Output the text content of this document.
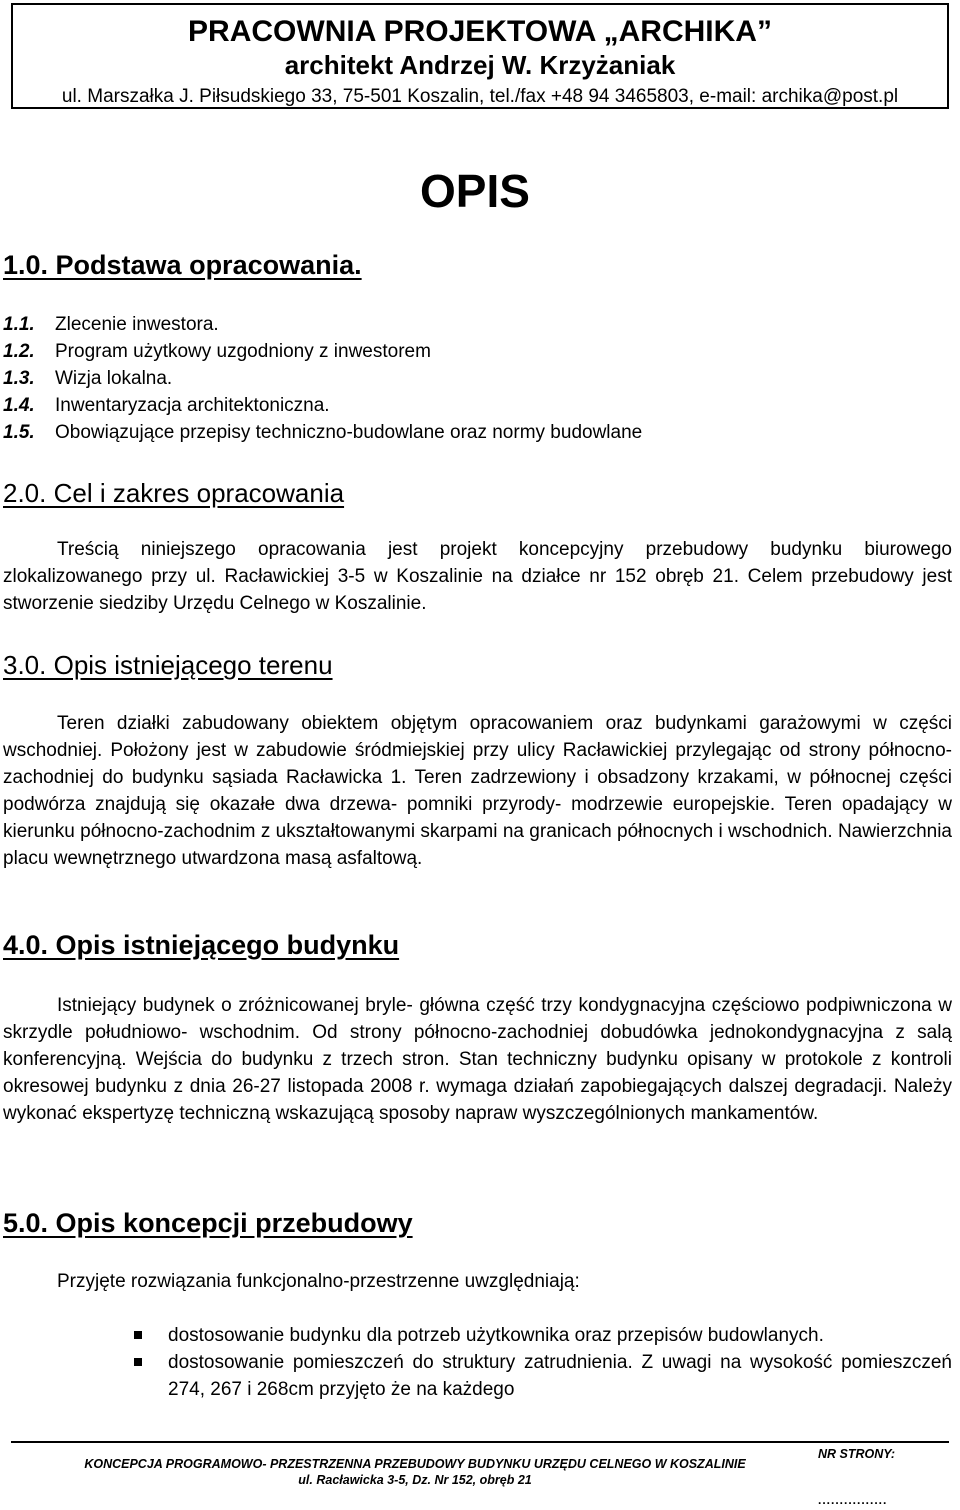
PRACOWNIA PROJEKTOWA „ARCHIKA”
architekt Andrzej W. Krzyżaniak
ul. Marszałka J. Piłsudskiego 33, 75-501 Koszalin, tel./fax +48 94 3465803, e-mail: archika@post.pl
OPIS
1.0. Podstawa opracowania.
1.1. Zlecenie inwestora.
1.2. Program użytkowy uzgodniony z inwestorem
1.3. Wizja lokalna.
1.4. Inwentaryzacja architektoniczna.
1.5. Obowiązujące przepisy techniczno-budowlane oraz normy budowlane
2.0. Cel i zakres opracowania

Treścią niniejszego opracowania jest projekt koncepcyjny przebudowy budynku biurowego zlokalizowanego przy ul. Racławickiej 3-5 w Koszalinie na działce nr 152 obręb 21. Celem przebudowy jest stworzenie siedziby Urzędu Celnego w Koszalinie.

3.0. Opis istniejącego terenu

Teren działki zabudowany obiektem objętym opracowaniem oraz budynkami garażowymi w części wschodniej. Położony jest w zabudowie śródmiejskiej przy ulicy Racławickiej przylegając od strony północno- zachodniej do budynku sąsiada Racławicka 1. Teren zadrzewiony i obsadzony krzakami, w północnej części podwórza znajdują się okazałe dwa drzewa- pomniki przyrody- modrzewie europejskie. Teren opadający w kierunku północno-zachodnim z ukształtowanymi skarpami na granicach północnych i wschodnich. Nawierzchnia placu wewnętrznego utwardzona masą asfaltową.

4.0. Opis istniejącego budynku

Istniejący budynek o zróżnicowanej bryle- główna część trzy kondygnacyjna częściowo podpiwniczona w skrzydle południowo- wschodnim. Od strony północno-zachodniej dobudówka jednokondygnacyjna z salą konferencyjną. Wejścia do budynku z trzech stron. Stan techniczny budynku opisany w protokole z kontroli okresowej budynku z dnia 26-27 listopada 2008 r. wymaga działań zapobiegających dalszej degradacji. Należy wykonać ekspertyzę techniczną wskazującą sposoby napraw wyszczególnionych mankamentów.

5.0. Opis koncepcji przebudowy

Przyjęte rozwiązania funkcjonalno-przestrzenne uwzględniają:

dostosowanie budynku dla potrzeb użytkownika oraz przepisów budowlanych.
dostosowanie pomieszczeń do struktury zatrudnienia. Z uwagi na wysokość pomieszczeń 274, 267 i 268cm przyjęto że na każdego
KONCEPCJA PROGRAMOWO- PRZESTRZENNA PRZEBUDOWY BUDYNKU URZĘDU CELNEGO W KOSZALINIE
ul. Racławicka 3-5, Dz. Nr 152, obręb 21
NR STRONY:
................
